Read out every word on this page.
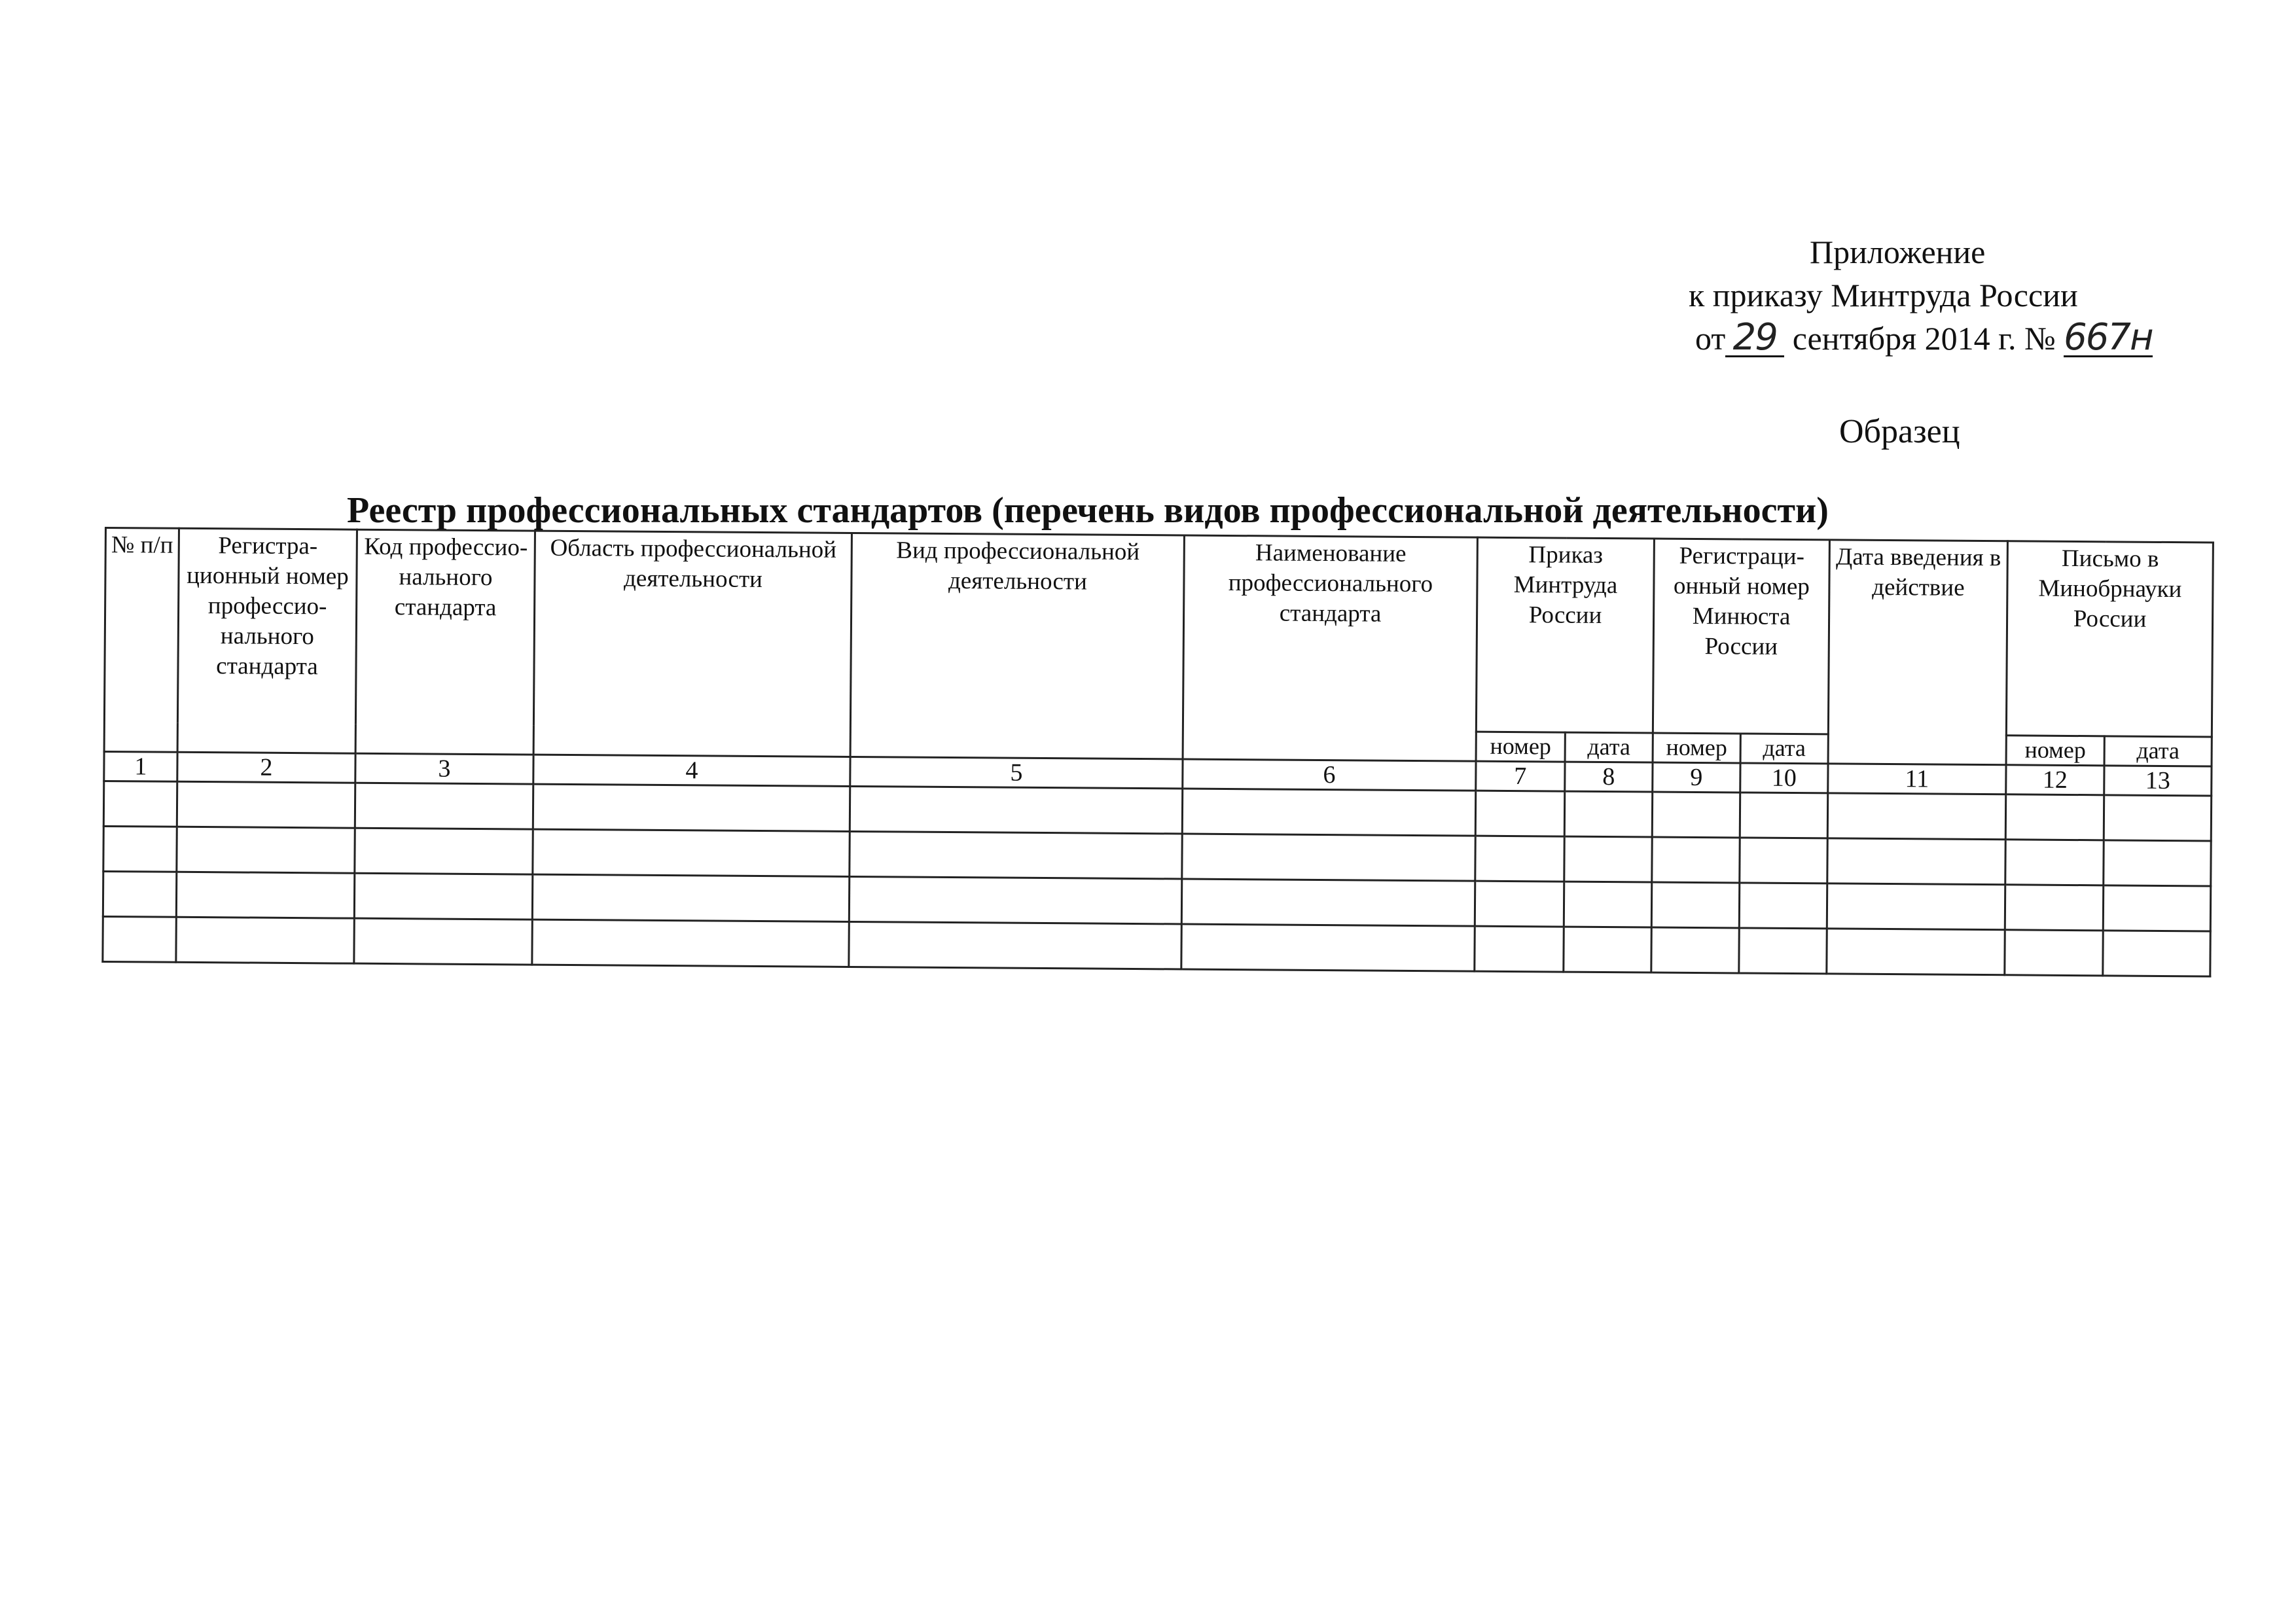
Приложение
к приказу Минтруда России
от 29 сентября 2014 г. № 667н
Образец
Реестр профессиональных стандартов (перечень видов профессиональной деятельности)
№ п/п	Регистра-ционный номер профессио-нального стандарта	Код профессио-нального стандарта	Область профессиональной деятельности	Вид профессиональной деятельности	Наименование профессионального стандарта	Приказ Минтруда России		Регистраци-онный номер Минюста России		Дата введения в действие	Письмо в Минобрнауки России	
						номер	дата	номер	дата		номер	дата
1	2	3	4	5	6	7	8	9	10	11	12	13
